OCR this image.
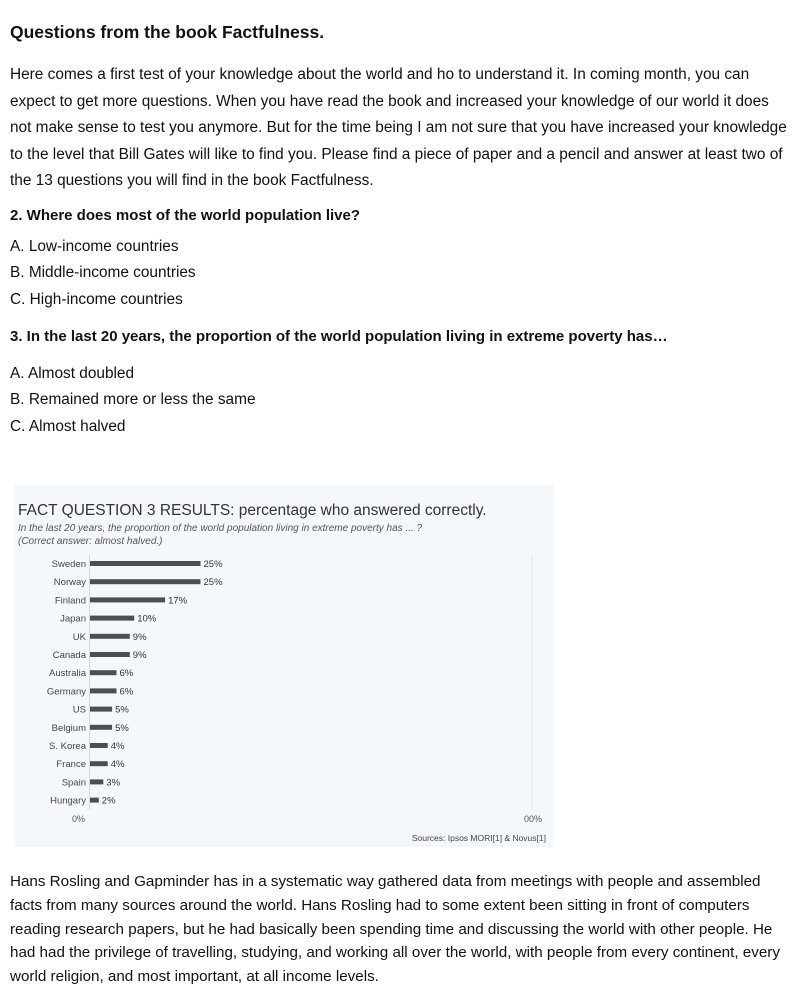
Questions from the book Factfulness.
Here comes a first test of your knowledge about the world and ho to understand it. In coming month, you can expect to get more questions. When you have read the book and increased your knowledge of our world it does not make sense to test you anymore. But for the time being I am not sure that you have increased your knowledge to the level that Bill Gates will like to find you. Please find a piece of paper and a pencil and answer at least two of the 13 questions you will find in the book Factfulness.
2. Where does most of the world population live?
A. Low-income countries
B. Middle-income countries
C. High-income countries
3. In the last 20 years, the proportion of the world population living in extreme poverty has…
A. Almost doubled
B. Remained more or less the same
C. Almost halved
FACT QUESTION 3 RESULTS: percentage who answered correctly.
In the last 20 years, the proportion of the world population living in extreme poverty has ... ?
(Correct answer: almost halved.)
Sweden	25%
Norway	25%
Finland	17%
Japan	10%
UK	9%
Canada	9%
Australia	6%
Germany	6%
US	5%
Belgium	5%
S. Korea	4%
France	4%
Spain 3%
Hungary 2%
0%	00%
Sources: Ipsos MORI[1] & Novus[1]
Hans Rosling and Gapminder has in a systematic way gathered data from meetings with people and assembled facts from many sources around the world. Hans Rosling had to some extent been sitting in front of computers reading research papers, but he had basically been spending time and discussing the world with other people. He had had the privilege of travelling, studying, and working all over the world, with people from every continent, every world religion, and most important, at all income levels.
